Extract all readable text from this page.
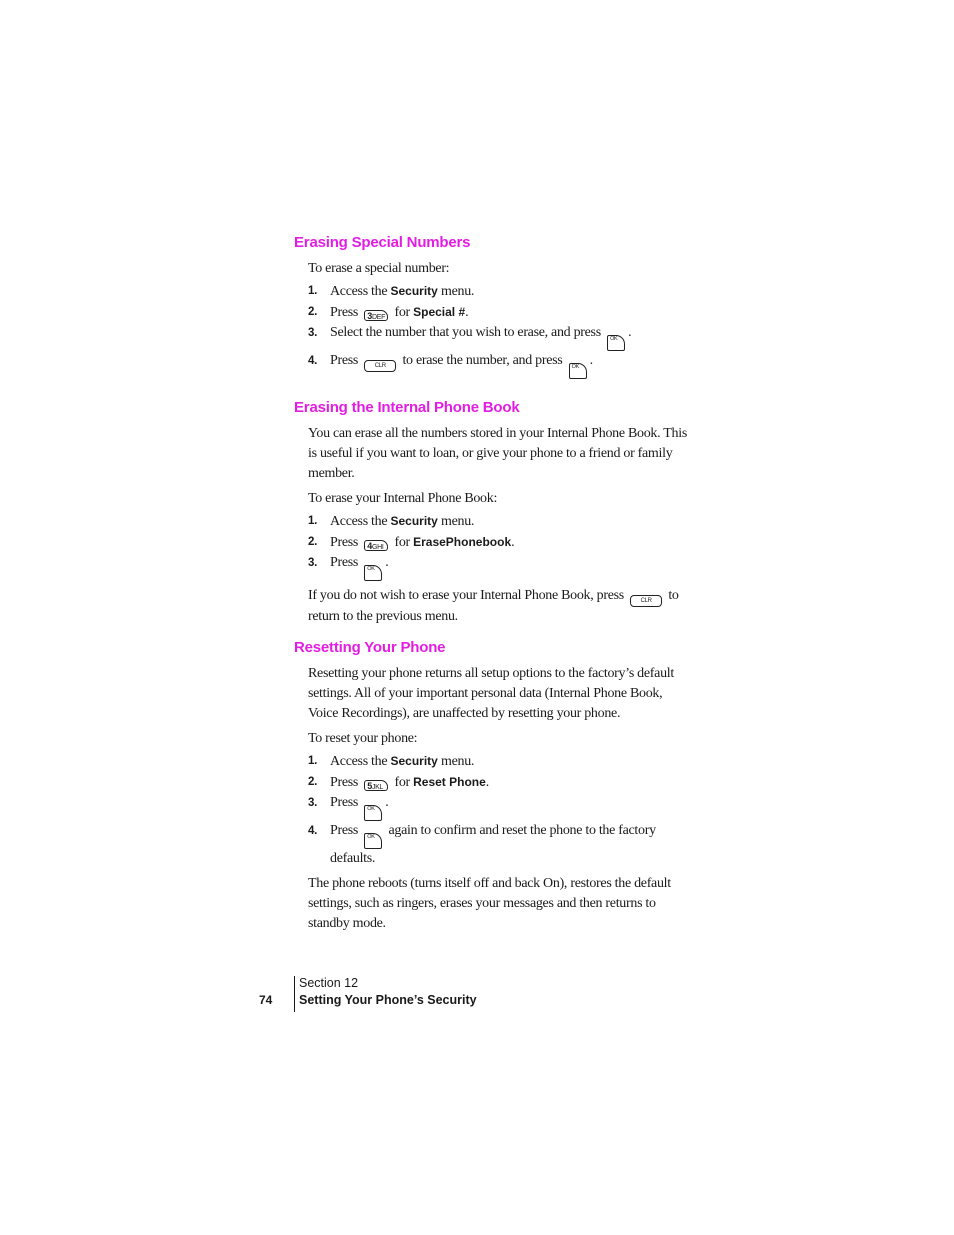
Erasing Special Numbers

To erase a special number:

1. Access the Security menu.
2. Press 3DEF for Special #.
3. Select the number that you wish to erase, and press OK .
4. Press	CLR to erase the number, and press OK .
Erasing the Internal Phone Book

You can erase all the numbers stored in your Internal Phone Book. This is useful if you want to loan, or give your phone to a friend or family member.

To erase your Internal Phone Book:

1. Access the Security menu.
2. Press 4GHI for ErasePhonebook.
3. Press OK .

If you do not wish to erase your Internal Phone Book, press	CLR to return to the previous menu.

Resetting Your Phone

Resetting your phone returns all setup options to the factory’s default settings. All of your important personal data (Internal Phone Book, Voice Recordings), are unaffected by resetting your phone.

To reset your phone:

1. Access the Security menu.
2. Press 5JKL for Reset Phone.
3. Press OK .
4. Press OK again to confirm and reset the phone to the factory defaults.

The phone reboots (turns itself off and back On), restores the default settings, such as ringers, erases your messages and then returns to standby mode.

74
Section 12
Setting Your Phone’s Security
